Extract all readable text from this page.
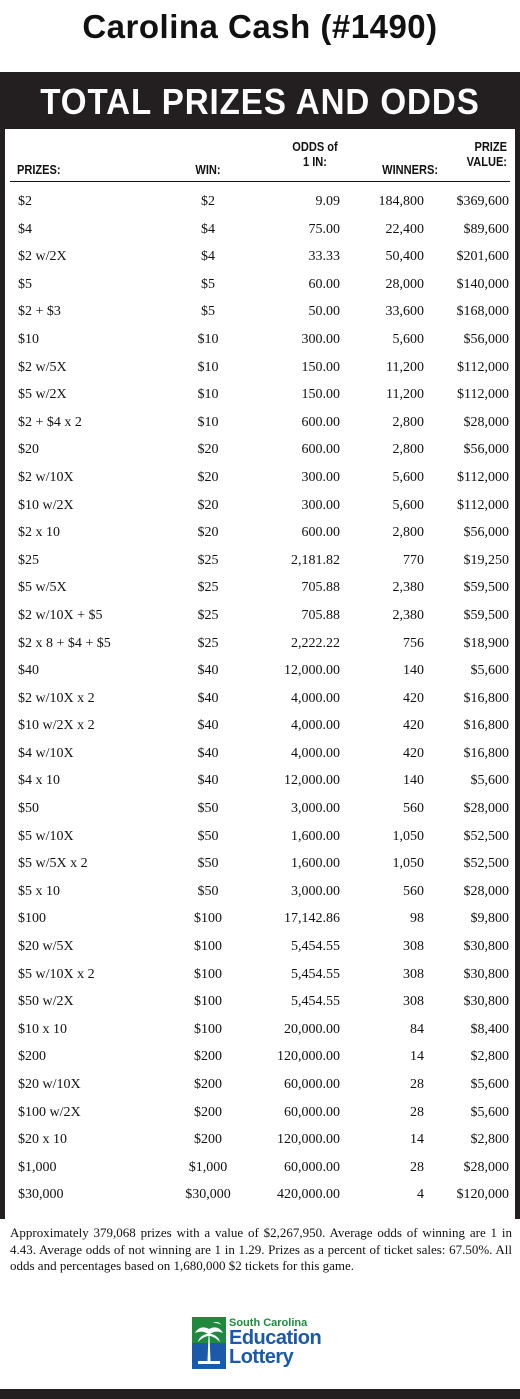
Carolina Cash (#1490)
TOTAL PRIZES AND ODDS
PRIZES:	WIN:
ODDS of
1 IN:
WINNERS:
PRIZE
VALUE:
$2	$2	9.09	184,800	$369,600
$4	$4	75.00	22,400	$89,600
$2 w/2X	$4	33.33	50,400	$201,600
$5	$5	60.00	28,000	$140,000
$2 + $3	$5	50.00	33,600	$168,000
$10	$10	300.00	5,600	$56,000
$2 w/5X	$10	150.00	11,200	$112,000
$5 w/2X	$10	150.00	11,200	$112,000
$2 + $4 x 2	$10	600.00	2,800	$28,000
$20	$20	600.00	2,800	$56,000
$2 w/10X	$20	300.00	5,600	$112,000
$10 w/2X	$20	300.00	5,600	$112,000
$2 x 10	$20	600.00	2,800	$56,000
$25	$25	2,181.82	770	$19,250
$5 w/5X	$25	705.88	2,380	$59,500
$2 w/10X + $5	$25	705.88	2,380	$59,500
$2 x 8 + $4 + $5	$25	2,222.22	756	$18,900
$40	$40	12,000.00	140	$5,600
$2 w/10X x 2	$40	4,000.00	420	$16,800
$10 w/2X x 2	$40	4,000.00	420	$16,800
$4 w/10X	$40	4,000.00	420	$16,800
$4 x 10	$40	12,000.00	140	$5,600
$50	$50	3,000.00	560	$28,000
$5 w/10X	$50	1,600.00	1,050	$52,500
$5 w/5X x 2	$50	1,600.00	1,050	$52,500
$5 x 10	$50	3,000.00	560	$28,000
$100	$100	17,142.86	98	$9,800
$20 w/5X	$100	5,454.55	308	$30,800
$5 w/10X x 2	$100	5,454.55	308	$30,800
$50 w/2X	$100	5,454.55	308	$30,800
$10 x 10	$100	20,000.00	84	$8,400
$200	$200	120,000.00	14	$2,800
$20 w/10X	$200	60,000.00	28	$5,600
$100 w/2X	$200	60,000.00	28	$5,600
$20 x 10	$200	120,000.00	14	$2,800
$1,000	$1,000	60,000.00	28	$28,000
$30,000	$30,000	420,000.00	4	$120,000
Approximately 379,068 prizes with a value of $2,267,950. Average odds of winning are 1 in 4.43. Average odds of not winning are 1 in 1.29. Prizes as a percent of ticket sales: 67.50%. All odds and percentages based on 1,680,000 $2 tickets for this game.
South Carolina
Education
Lottery
